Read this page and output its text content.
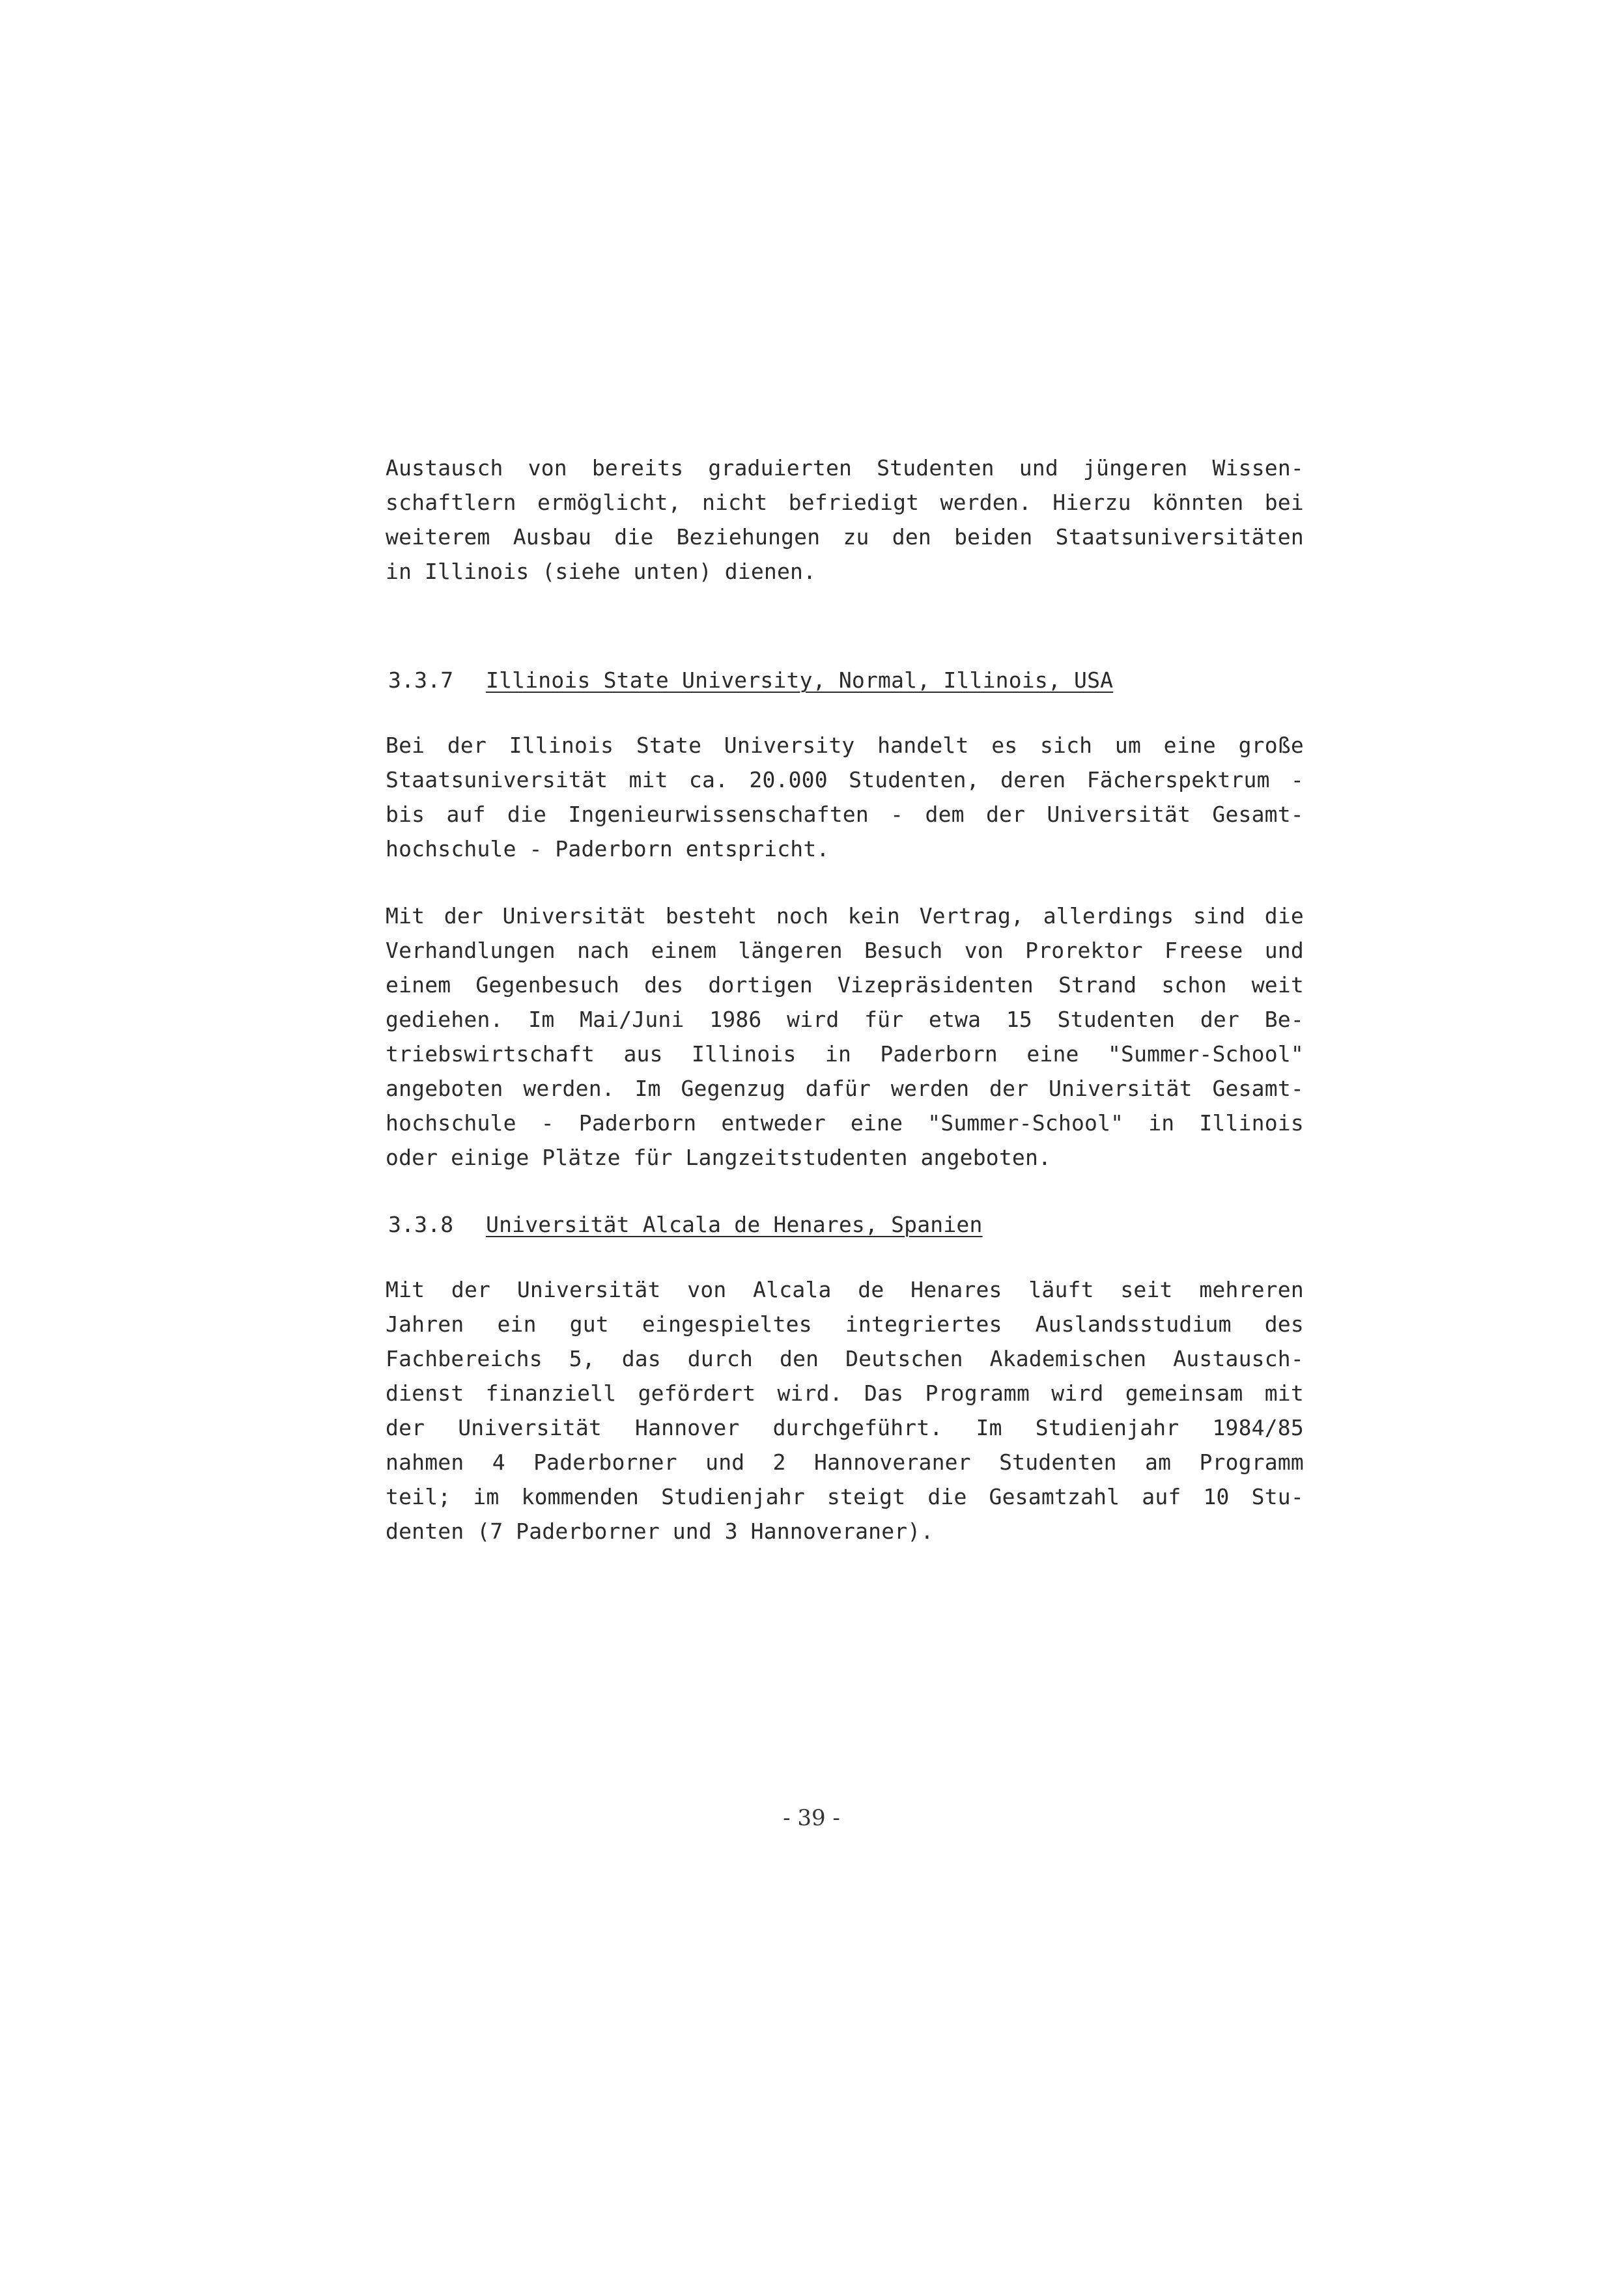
Austausch von bereits graduierten Studenten und jüngeren Wissen-
schaftlern ermöglicht, nicht befriedigt werden. Hierzu könnten bei
weiterem Ausbau die Beziehungen zu den beiden Staatsuniversitäten
in Illinois (siehe unten) dienen.
3.3.7 Illinois State University, Normal, Illinois, USA
Bei der Illinois State University handelt es sich um eine große
Staatsuniversität mit ca. 20.000 Studenten, deren Fächerspektrum -
bis auf die Ingenieurwissenschaften - dem der Universität Gesamt-
hochschule - Paderborn entspricht.
Mit der Universität besteht noch kein Vertrag, allerdings sind die
Verhandlungen nach einem längeren Besuch von Prorektor Freese und
einem Gegenbesuch des dortigen Vizepräsidenten Strand schon weit
gediehen. Im Mai/Juni 1986 wird für etwa 15 Studenten der Be-
triebswirtschaft aus Illinois in Paderborn eine "Summer-School"
angeboten werden. Im Gegenzug dafür werden der Universität Gesamt-
hochschule - Paderborn entweder eine "Summer-School" in Illinois
oder einige Plätze für Langzeitstudenten angeboten.
3.3.8 Universität Alcala de Henares, Spanien
Mit der Universität von Alcala de Henares läuft seit mehreren
Jahren ein gut eingespieltes integriertes Auslandsstudium des
Fachbereichs 5, das durch den Deutschen Akademischen Austausch-
dienst finanziell gefördert wird. Das Programm wird gemeinsam mit
der Universität Hannover durchgeführt. Im Studienjahr 1984/85
nahmen 4 Paderborner und 2 Hannoveraner Studenten am Programm
teil; im kommenden Studienjahr steigt die Gesamtzahl auf 10 Stu-
denten (7 Paderborner und 3 Hannoveraner).
- 39 -
